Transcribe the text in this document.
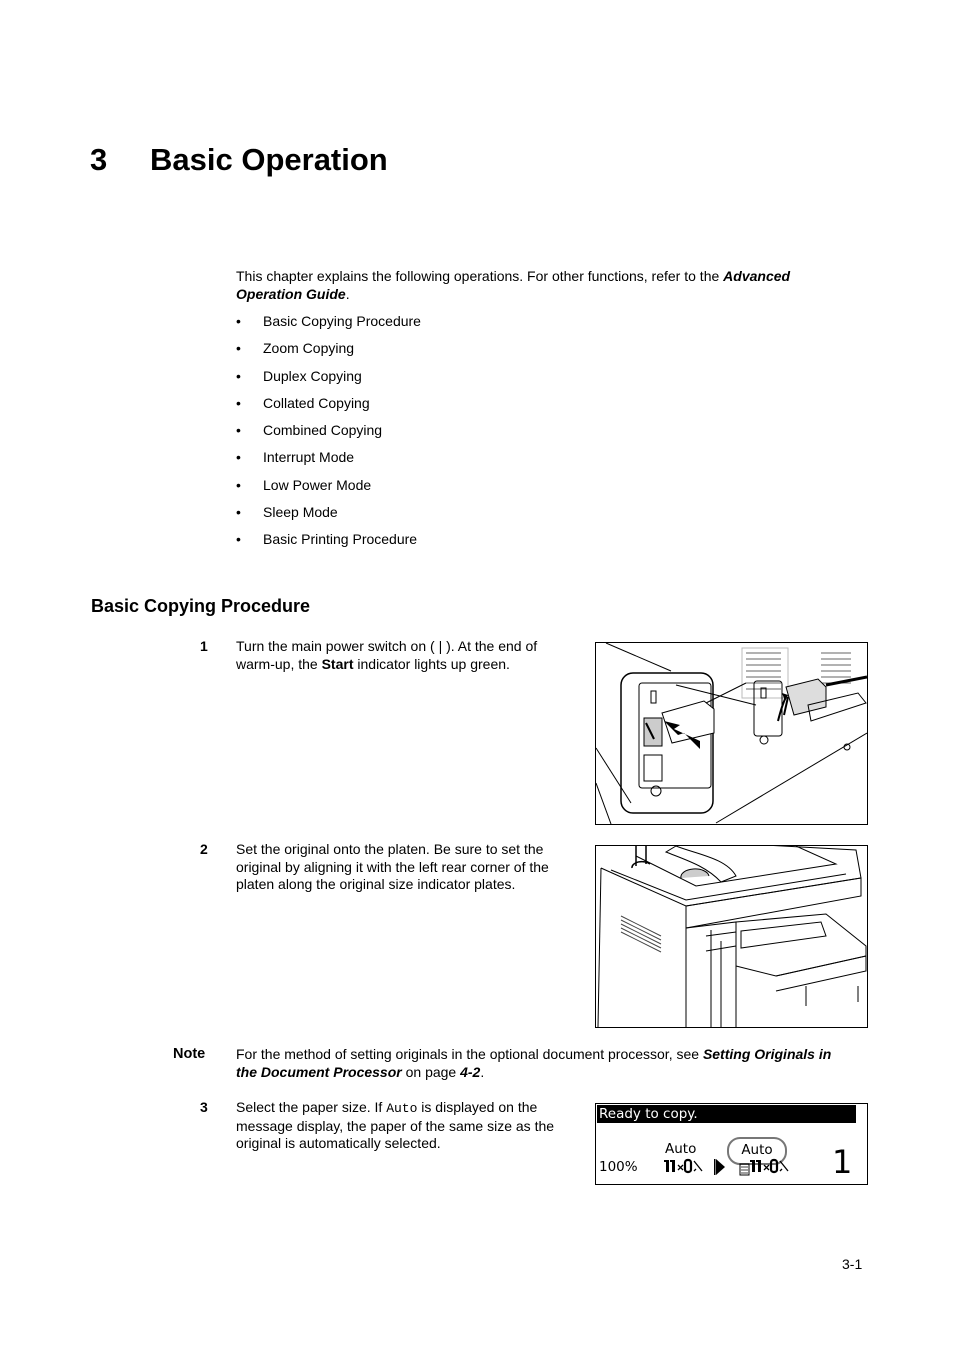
3 Basic Operation
This chapter explains the following operations. For other functions, refer to the Advanced Operation Guide.
• Basic Copying Procedure
• Zoom Copying
• Duplex Copying
• Collated Copying
• Combined Copying
• Interrupt Mode
• Low Power Mode
• Sleep Mode
• Basic Printing Procedure
Basic Copying Procedure
1 Turn the main power switch on ( | ). At the end of warm-up, the Start indicator lights up green.
2 Set the original onto the platen. Be sure to set the original by aligning it with the left rear corner of the platen along the original size indicator plates.
Note For the method of setting originals in the optional document processor, see Setting Originals in the Document Processor on page 4-2.
3 Select the paper size. If Auto is displayed on the message display, the paper of the same size as the original is automatically selected.
Ready to copy.
Auto	Auto
100%	1
3-1
